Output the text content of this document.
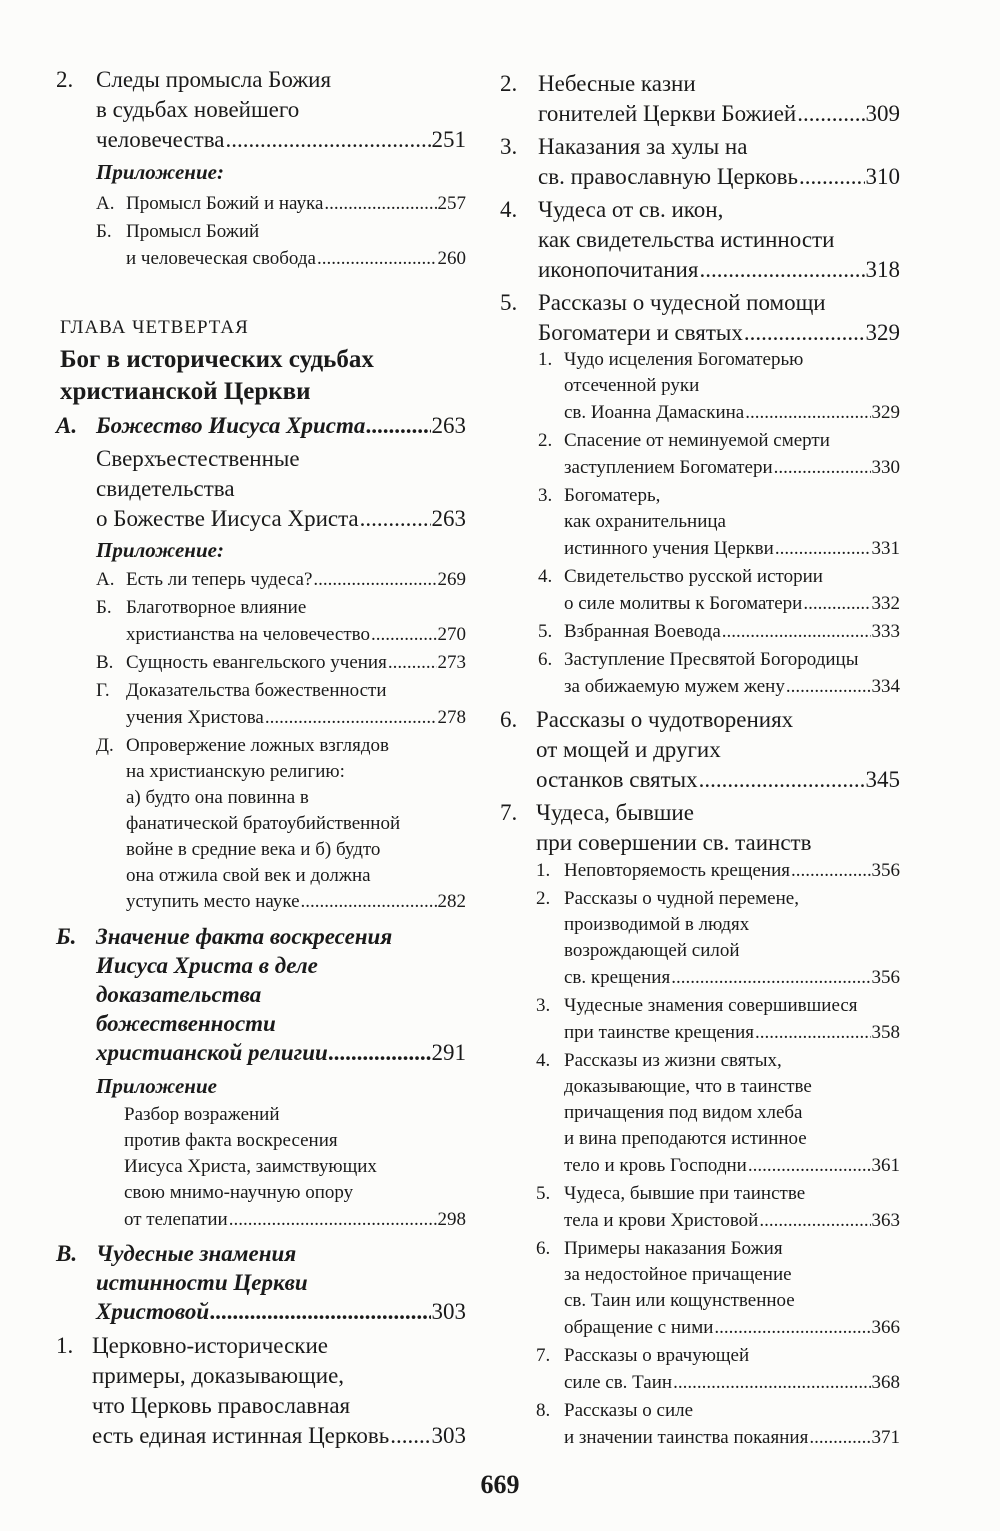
2. Следы промысла Божия
в судьбах новейшего
человечества .....	251
Приложение:
А. Промысл Божий и наука .....	257
Б. Промысл Божий
и человеческая свобода .....	260
ГЛАВА ЧЕТВЕРТАЯ
Бог в исторических судьбах
христианской Церкви
А. Божество Иисуса Христа .....	263
Сверхъестественные
свидетельства
о Божестве Иисуса Христа .....	263
Приложение:
А. Есть ли теперь чудеса? .....	269
Б. Благотворное влияние
христианства на человечество .....	270
В. Сущность евангельского учения .....	273
Г. Доказательства божественности
учения Христова .....	278
Д. Опровержение ложных взглядов
на христианскую религию:
а) будто она повинна в
фанатической братоубийственной
войне в средние века и б) будто
она отжила свой век и должна
уступить место науке .....	282
Б. Значение факта воскресения
Иисуса Христа в деле
доказательства
божественности
христианской религии .....	291
Приложение
Разбор возражений
против факта воскресения
Иисуса Христа, заимствующих
свою мнимо-научную опору
от телепатии .....	298
В. Чудесные знамения
истинности Церкви
Христовой .....	303
1. Церковно-исторические
примеры, доказывающие,
что Церковь православная
есть единая истинная Церковь ..... 303
2. Небесные казни
гонителей Церкви Божией .....	309
3. Наказания за хулы на
св. православную Церковь .....	310
4. Чудеса от св. икон,
как свидетельства истинности
иконопочитания .....	318
5. Рассказы о чудесной помощи
Богоматери и святых .....	329
1. Чудо исцеления Богоматерью
отсеченной руки
св. Иоанна Дамаскина .....	329
2. Спасение от неминуемой смерти
заступлением Богоматери .....	330
3. Богоматерь,
как охранительница
истинного учения Церкви .....	331
4. Свидетельство русской истории
о силе молитвы к Богоматери .....	332
5. Взбранная Воевода .....	333
6. Заступление Пресвятой Богородицы
за обижаемую мужем жену .....	334
6. Рассказы о чудотворениях
от мощей и других
останков святых .....	345
7. Чудеса, бывшие
при совершении св. таинств
1. Неповторяемость крещения .....	356
2. Рассказы о чудной перемене,
производимой в людях
возрождающей силой
св. крещения .....	356
3. Чудесные знамения совершившиеся
при таинстве крещения .....	358
4. Рассказы из жизни святых,
доказывающие, что в таинстве
причащения под видом хлеба
и вина преподаются истинное
тело и кровь Господни .....	361
5. Чудеса, бывшие при таинстве
тела и крови Христовой .....	363
6. Примеры наказания Божия
за недостойное причащение
св. Таин или кощунственное
обращение с ними .....	366
7. Рассказы о врачующей
силе св. Таин .....	368
8. Рассказы о силе
и значении таинства покаяния .....	371
669
